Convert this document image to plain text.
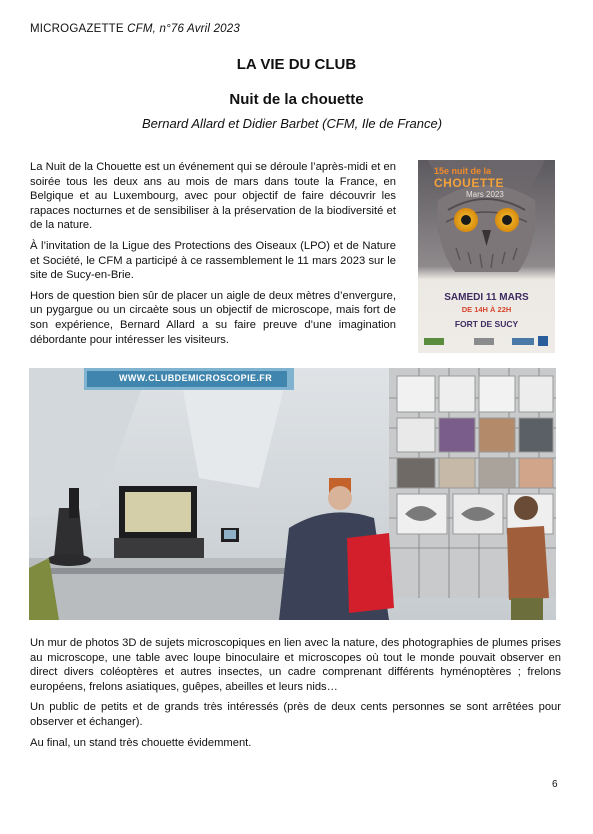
MICROGAZETTE CFM, n°76 Avril 2023
LA VIE DU CLUB
Nuit de la chouette
Bernard Allard et Didier Barbet (CFM, Ile de France)

La Nuit de la Chouette est un événement qui se déroule l’après-midi et en soirée tous les deux ans au mois de mars dans toute la France, en Belgique et au Luxembourg, avec pour objectif de faire découvrir les rapaces nocturnes et de sensibiliser à la préservation de la biodiversité et de la nature.

À l’invitation de la Ligue des Protections des Oiseaux (LPO) et de Nature et Société, le CFM a participé à ce rassemblement le 11 mars 2023 sur le site de Sucy-en-Brie.

Hors de question bien sûr de placer un aigle de deux mètres d’envergure, un pygargue ou un circaète sous un objectif de microscope, mais fort de son expérience, Bernard Allard a su faire preuve d’une imagination débordante pour intéresser les visiteurs.

15e nuit de la
CHOUETTE
Mars 2023
SAMEDI 11 MARS
DE 14H À 22H
FORT DE SUCY
WWW.CLUBDEMICROSCOPIE.FR

Un mur de photos 3D de sujets microscopiques en lien avec la nature, des photographies de plumes prises au microscope, une table avec loupe binoculaire et microscopes où tout le monde pouvait observer en direct divers coléoptères et autres insectes, un cadre comprenant différents hyménoptères ; frelons européens, frelons asiatiques, guêpes, abeilles et leurs nids…

Un public de petits et de grands très intéressés (près de deux cents personnes se sont arrêtées pour observer et échanger).

Au final, un stand très chouette évidemment.

6
